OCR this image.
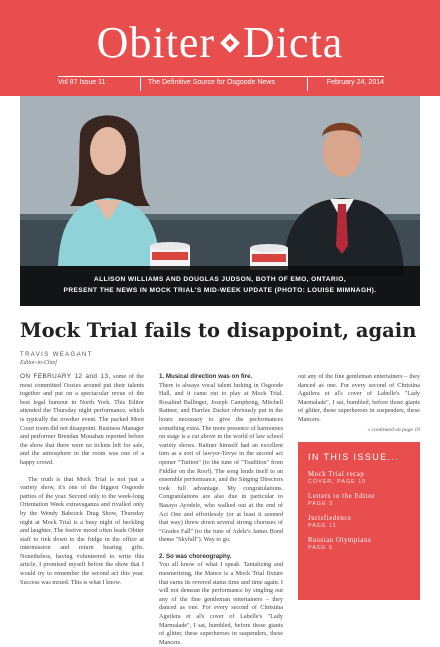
Obiter Dicta
Vol 87 Issue 11	The Definitive Source for Osgoode News	February 24, 2014
ALLISON WILLIAMS AND DOUGLAS JUDSON, BOTH OF EMO, ONTARIO,
PRESENT THE NEWS IN MOCK TRIAL'S MID-WEEK UPDATE (PHOTO: LOUISE MIMNAGH).
Mock Trial fails to disappoint, again
TRAVIS WEAGANT
Editor-in-Chief

ON FEBRUARY 12 and 13, some of the most committed Oozies around put their talents together and put on a spectacular revue of the best legal humour in North York. This Editor attended the Thursday night performance, which is typically the rowdier event. The packed Moot Court room did not disappoint. Business Manager and performer Brendan Monahan reported before the show that there were no tickets left for sale, and the atmosphere in the room was one of a happy crowd.

The truth is that Mock Trial is not just a variety show, it's one of the biggest Osgoode parties of the year. Second only to the week-long Orientation Week extravaganza and rivalled only by the Wendy Babcock Drag Show, Thursday night at Mock Trial is a busy night of heckling and laughter. The festive mood often leads Obiter staff to trek down to the fridge in the office at intermission and return bearing gifts. Nonetheless, having volunteered to write this article, I promised myself before the show that I would try to remember the second act this year. Success was mixed. This is what I know.

1. Musical direction was on fire.

There is always vocal talent lurking in Osgoode Hall, and it came out to play at Mock Trial. Rosalind Ballinger, Joseph Campbong, Mitchell Rattner, and Harrlee Zucker obviously put in the hours necessary to give the performances something extra. The more presence of harmonies on stage is a cut above in the world of law school variety shows. Rattner himself had an excellent turn as a sort of lawyer-Tevye in the second act opener "Tuition" (to the tune of "Tradition" from Fiddler on the Roof). The song lends itself to an ensemble performance, and the Singing Directors took full advantage. My congratulations. Congratulations are also due in particular to Basayo Ayodele, who walked out at the end of Act One and effortlessly (or at least it seemed that way) threw down several strong choruses of "Grades Fall" (to the tune of Adele's James Bond theme "Skyfall"). Way to go.

2. So was choreography.

You all know of what I speak. Tantalizing and mesmerizing, the Mance is a Mock Trial fixture that earns its revered status time and time again. I will not demean the performance by singling out any of the fine gentleman entertainers – they danced as one. For every second of Christina Aguilera et al's cover of Labelle's "Lady Marmalade", I sat, humbled, before those giants of glitter, these superheroes in suspenders, these Mancers.

out any of the fine gentleman entertainers – they danced as one. For every second of Christina Aguilera et al's cover of Labelle's "Lady Marmalade", I sat, humbled, before those giants of glitter, these superheroes in suspenders, these Mancers.

» continued on page 10
IN THIS ISSUE...
Mock Trial recap
COVER, PAGE 10
Letters to the Editor
PAGE 3
Jurisfiedence
PAGE 11
Russian Olympians
PAGE 5
